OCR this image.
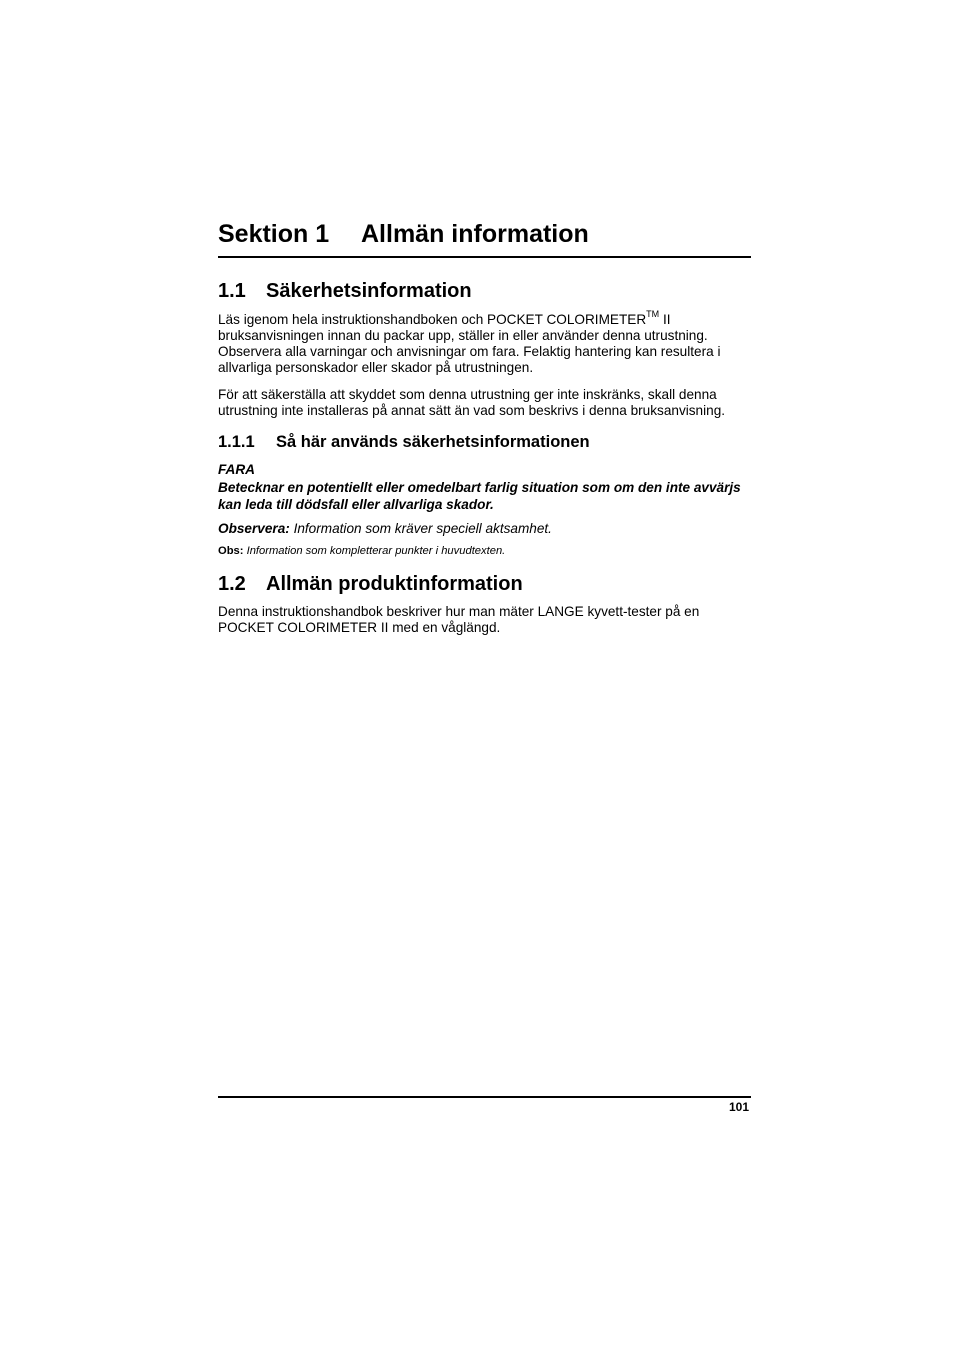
Sektion 1 Allmän information
1.1 Säkerhetsinformation

Läs igenom hela instruktionshandboken och POCKET COLORIMETER™ II bruksanvisningen innan du packar upp, ställer in eller använder denna utrustning. Observera alla varningar och anvisningar om fara. Felaktig hantering kan resultera i allvarliga personskador eller skador på utrustningen.

För att säkerställa att skyddet som denna utrustning ger inte inskränks, skall denna utrustning inte installeras på annat sätt än vad som beskrivs i denna bruksanvisning.

1.1.1 Så här används säkerhetsinformationen

FARA

Betecknar en potentiellt eller omedelbart farlig situation som om den inte avvärjs kan leda till dödsfall eller allvarliga skador.

Observera: Information som kräver speciell aktsamhet.

Obs: Information som kompletterar punkter i huvudtexten.

1.2 Allmän produktinformation

Denna instruktionshandbok beskriver hur man mäter LANGE kyvett-tester på en POCKET COLORIMETER II med en våglängd.

101
